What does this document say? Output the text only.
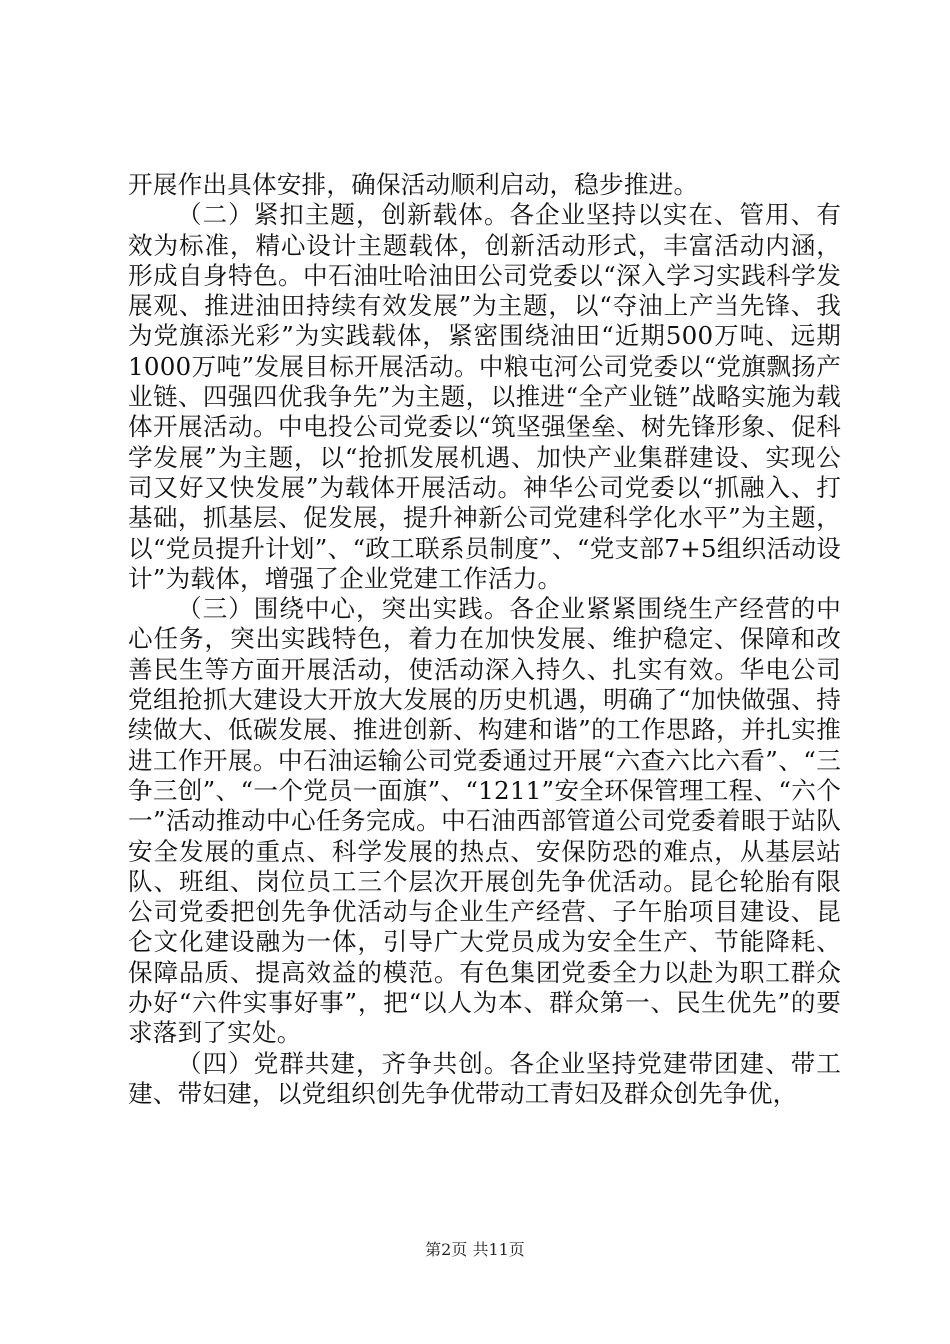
开展作出具体安排，确保活动顺利启动，稳步推进。

（二）紧扣主题，创新载体。各企业坚持以实在、管用、有效为标准，精心设计主题载体，创新活动形式，丰富活动内涵，形成自身特色。中石油吐哈油田公司党委以“深入学习实践科学发展观、推进油田持续有效发展”为主题，以“夺油上产当先锋、我为党旗添光彩”为实践载体，紧密围绕油田“近期500万吨、远期1000万吨”发展目标开展活动。中粮屯河公司党委以“党旗飘扬产业链、四强四优我争先”为主题，以推进“全产业链”战略实施为载体开展活动。中电投公司党委以“筑坚强堡垒、树先锋形象、促科学发展”为主题，以“抢抓发展机遇、加快产业集群建设、实现公司又好又快发展”为载体开展活动。神华公司党委以“抓融入、打基础，抓基层、促发展，提升神新公司党建科学化水平”为主题，以“党员提升计划”、“政工联系员制度”、“党支部7+5组织活动设计”为载体，增强了企业党建工作活力。

（三）围绕中心，突出实践。各企业紧紧围绕生产经营的中心任务，突出实践特色，着力在加快发展、维护稳定、保障和改善民生等方面开展活动，使活动深入持久、扎实有效。华电公司党组抢抓大建设大开放大发展的历史机遇，明确了“加快做强、持续做大、低碳发展、推进创新、构建和谐”的工作思路，并扎实推进工作开展。中石油运输公司党委通过开展“六查六比六看”、“三争三创”、“一个党员一面旗”、“1211”安全环保管理工程、“六个一”活动推动中心任务完成。中石油西部管道公司党委着眼于站队安全发展的重点、科学发展的热点、安保防恐的难点，从基层站队、班组、岗位员工三个层次开展创先争优活动。昆仑轮胎有限公司党委把创先争优活动与企业生产经营、子午胎项目建设、昆仑文化建设融为一体，引导广大党员成为安全生产、节能降耗、保障品质、提高效益的模范。有色集团党委全力以赴为职工群众办好“六件实事好事”，把“以人为本、群众第一、民生优先”的要求落到了实处。

（四）党群共建，齐争共创。各企业坚持党建带团建、带工建、带妇建，以党组织创先争优带动工青妇及群众创先争优，

第2页 共11页
